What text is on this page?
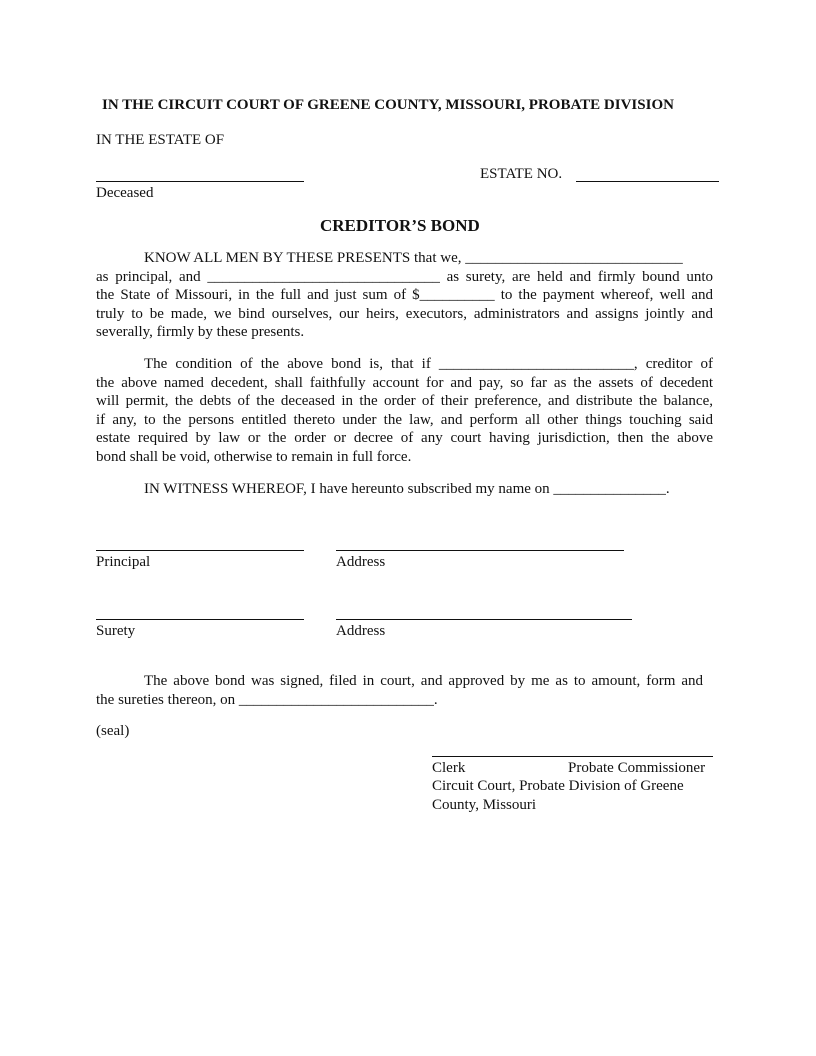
IN THE CIRCUIT COURT OF GREENE COUNTY, MISSOURI, PROBATE DIVISION
IN THE ESTATE OF
Deceased
ESTATE NO.
CREDITOR’S BOND
KNOW ALL MEN BY THESE PRESENTS that we, _____________________________
as principal, and _______________________________ as surety, are held and firmly bound unto
the State of Missouri, in the full and just sum of $__________ to the payment whereof, well and
truly to be made, we bind ourselves, our heirs, executors, administrators and assigns jointly and
severally, firmly by these presents.
The condition of the above bond is, that if __________________________, creditor of
the above named decedent, shall faithfully account for and pay, so far as the assets of decedent
will permit, the debts of the deceased in the order of their preference, and distribute the balance,
if any, to the persons entitled thereto under the law, and perform all other things touching said
estate required by law or the order or decree of any court having jurisdiction, then the above
bond shall be void, otherwise to remain in full force.
IN WITNESS WHEREOF, I have hereunto subscribed my name on _______________.
Principal	Address
Surety	Address
The above bond was signed, filed in court, and approved by me as to amount, form and
the sureties thereon, on __________________________.
(seal)
Clerk	Probate Commissioner
Circuit Court, Probate Division of Greene
County, Missouri
